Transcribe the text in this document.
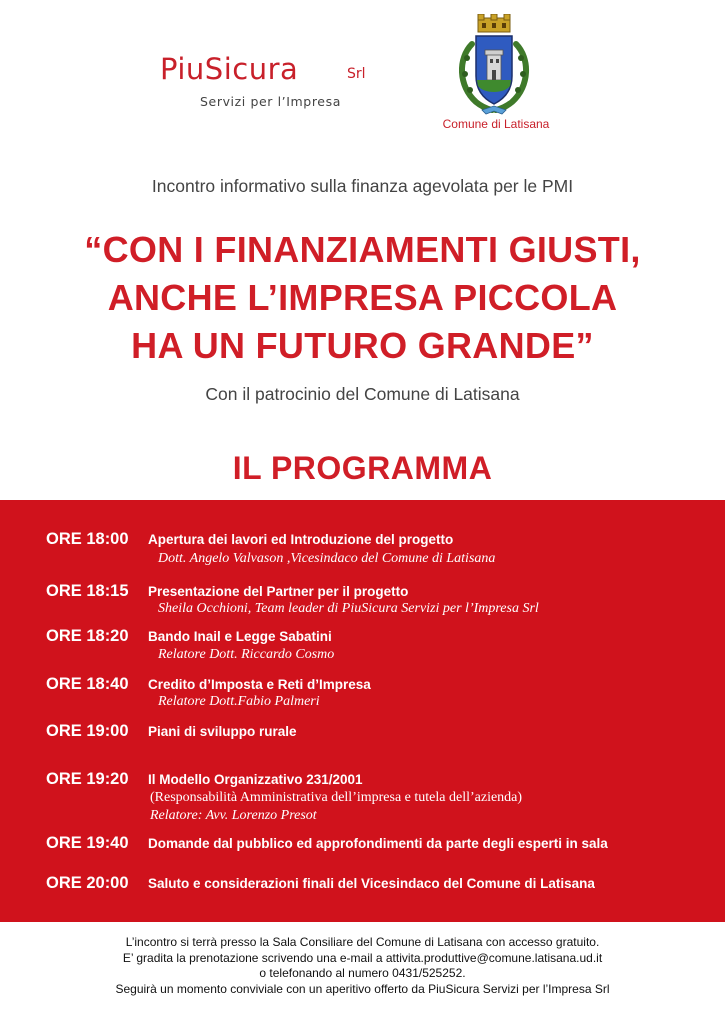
PiuSicura	Srl
Servizi per l’Impresa
Comune di Latisana
Incontro informativo sulla finanza agevolata per le PMI
“CON I FINANZIAMENTI GIUSTI,
ANCHE L’IMPRESA PICCOLA
HA UN FUTURO GRANDE”
Con il patrocinio del Comune di Latisana
IL PROGRAMMA
ORE 18:00 Apertura dei lavori ed Introduzione del progetto
Dott. Angelo Valvason ,Vicesindaco del Comune di Latisana
ORE 18:15 Presentazione del Partner per il progetto
Sheila Occhioni, Team leader di PiuSicura Servizi per l’Impresa Srl
ORE 18:20 Bando Inail e Legge Sabatini
Relatore Dott. Riccardo Cosmo
ORE 18:40 Credito d’Imposta e Reti d’Impresa
Relatore Dott.Fabio Palmeri
ORE 19:00 Piani di sviluppo rurale
ORE 19:20 Il Modello Organizzativo 231/2001
(Responsabilità Amministrativa dell’impresa e tutela dell’azienda)
Relatore: Avv. Lorenzo Presot
ORE 19:40 Domande dal pubblico ed approfondimenti da parte degli esperti in sala
ORE 20:00 Saluto e considerazioni finali del Vicesindaco del Comune di Latisana
L’incontro si terrà presso la Sala Consiliare del Comune di Latisana con accesso gratuito.
E’ gradita la prenotazione scrivendo una e-mail a attivita.produttive@comune.latisana.ud.it
o telefonando al numero 0431/525252.
Seguirà un momento conviviale con un aperitivo offerto da PiuSicura Servizi per l’Impresa Srl
